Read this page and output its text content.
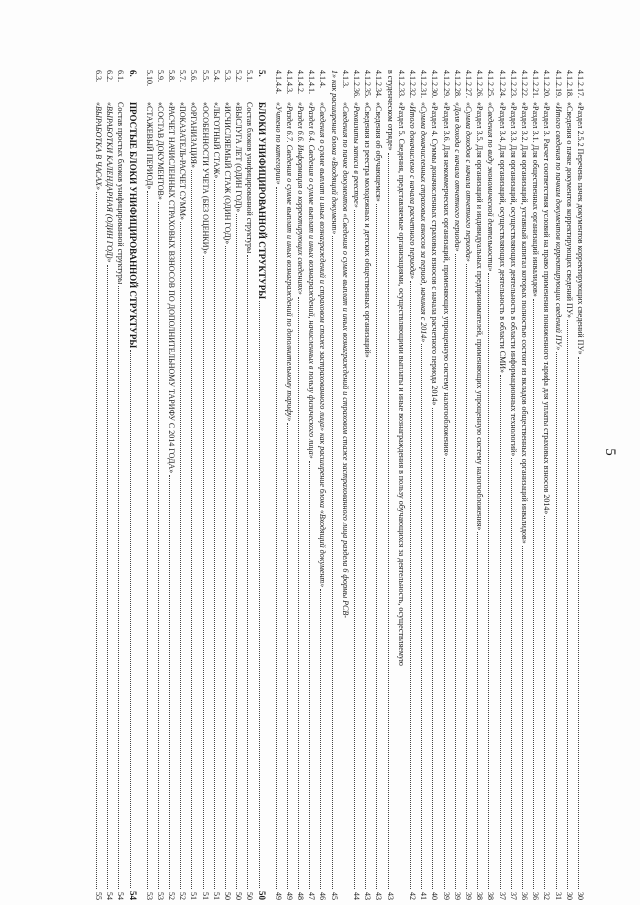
5
4.1.2.17.
«Раздел 2.5.2 Перечень пачек документов корректирующих сведений ПУ»
30
4.1.2.18.
«Сведения о пачке документов корректирующих сведений ПУ»
30
4.1.2.19.
«Итого сведения по пачкам документов корректирующих сведений ПУ»
31
4.1.2.20.
«Раздел 3. Расчет соответствия условий на право применения пониженного тарифа для уплаты страховых взносов 2014»
32
4.1.2.21.
«Раздел 3.1. Для общественных организаций инвалидов»
36
4.1.2.22.
«Раздел 3.2. Для организаций, уставный капитал которых полностью состоит из вкладов общественных организаций инвалидов»
36
4.1.2.23.
«Раздел 3.3. Для организаций, осуществляющих деятельность в области информационных технологий»
37
4.1.2.24.
«Раздел 3.4. Для организаций, осуществляющих деятельность в области СМИ»
37
4.1.2.25.
«Сведения по виду экономической деятельности»
38
4.1.2.26.
«Раздел 3.5. Для организаций и индивидуальных предпринимателей, применяющих упрощенную систему налогообложения»
38
4.1.2.27.
«Сумма доходов с начала отчетного периода»
39
4.1.2.28.
«Доля дохода с начала отчетного периода»
39
4.1.2.29.
«Раздел 3.6. Для некоммерческих организаций, применяющих упрощенную систему налогообложения»
39
4.1.2.30.
«Раздел 4. Суммы доначисленных страховых взносов с начала расчетного периода 2014»
40
4.1.2.31.
«Сумма доначисленных страховых взносов за период, начиная с 2014»
41
4.1.2.32.
«Итого доначислено с начала расчетного периода»
42
4.1.2.33.
«Раздел 5. Сведения, представляемые организациями, осуществляющими выплаты и иные вознаграждения в пользу обучающихся за деятельность, осуществляемую
в студенческом отряде»
43
4.1.2.34.
«Сведения об обучающемся»
43
4.1.2.35.
«Сведения из реестра молодежных и детских общественных организаций»
43
4.1.2.36.
«Реквизиты записи в реестре»
44
4.1.3.
«Сведения по пачке документов «Сведения о сумме выплат и иных вознаграждений и страховом стаже застрахованного лица раздела 6 формы РСВ-
1» как расширение блока «Входящий документ»
45
4.1.4.
«Сведения о сумме выплат и иных вознаграждений и страховом стаже застрахованного лица» как расширение блока «Входящий документ»
46
4.1.4.1.
«Раздел 6.4. Сведения о сумме выплат и иных вознаграждений, начисленных в пользу физического лица»
47
4.1.4.2.
«Раздел 6.6. Информация о корректирующих сведениях»
48
4.1.4.3.
«Раздел 6.7. Сведения о сумме выплат и иных вознаграждений по дополнительному тарифу»
49
4.1.4.4.
«Учтено по категории»
49
5.
БЛОКИ УНИФИЦИРОВАННОЙ СТРУКТУРЫ
50
5.1.
Состав блоков унифицированной структуры
50
5.2.
«ВЫСЛУГА ЛЕТ (ОДИН ГОД)»
50
5.3.
«ИСЧИСЛЯЕМЫЙ СТАЖ (ОДИН ГОД)»
50
5.4.
«ЛЬГОТНЫЙ СТАЖ»
51
5.5.
«ОСОБЕННОСТИ УЧЕТА (БЕЗ ОЦЕНКИ)»
51
5.6.
«ОРГАНИЗАЦИЯ»
51
5.7.
«ПОКАЗАТЕЛЬ-РАСЧЕТ СУММ»
52
5.8.
«РАСЧЕТ НАЧИСЛЕННЫХ СТРАХОВЫХ ВЗНОСОВ ПО ДОПОЛНИТЕЛЬНОМУ ТАРИФУ С 2014 ГОДА»
52
5.9.
«СОСТАВ ДОКУМЕНТОВ»
53
5.10.
«СТАЖЕВЫЙ ПЕРИОД»
53
6.
ПРОСТЫЕ БЛОКИ УНИФИЦИРОВАННОЙ СТРУКТУРЫ
54
6.1.
Состав простых блоков унифицированной структуры
54
6.2.
«ВЫРАБОТКИ КАЛЕНДАРНАЯ (ОДИН ГОД)»
54
6.3.
«ВЫРАБОТКА В ЧАСАХ»
55
